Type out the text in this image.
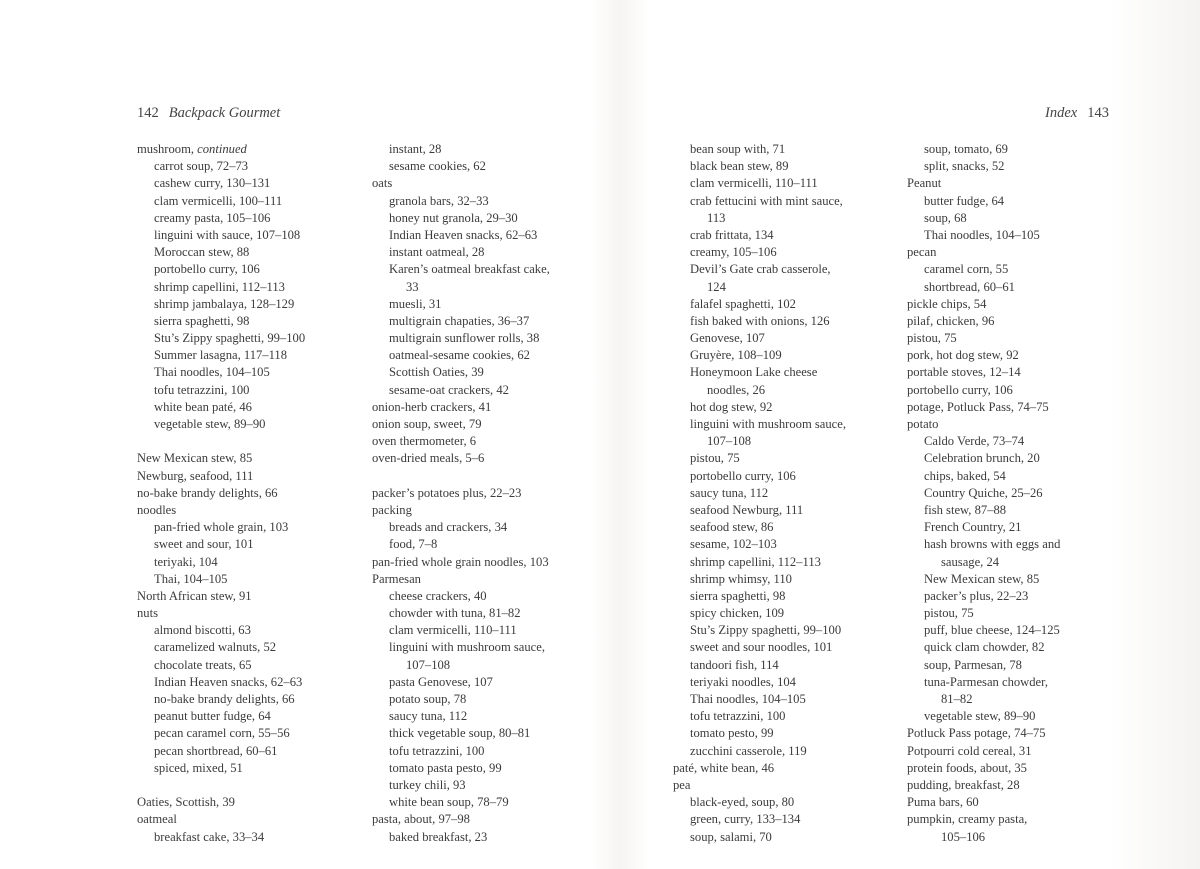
142 Backpack Gourmet	Index 143
mushroom, continued
carrot soup, 72–73
cashew curry, 130–131
clam vermicelli, 100–111
creamy pasta, 105–106
linguini with sauce, 107–108
Moroccan stew, 88
portobello curry, 106
shrimp capellini, 112–113
shrimp jambalaya, 128–129
sierra spaghetti, 98
Stu’s Zippy spaghetti, 99–100
Summer lasagna, 117–118
Thai noodles, 104–105
tofu tetrazzini, 100
white bean paté, 46
vegetable stew, 89–90
New Mexican stew, 85
Newburg, seafood, 111
no-bake brandy delights, 66
noodles
pan-fried whole grain, 103
sweet and sour, 101
teriyaki, 104
Thai, 104–105
North African stew, 91
nuts
almond biscotti, 63
caramelized walnuts, 52
chocolate treats, 65
Indian Heaven snacks, 62–63
no-bake brandy delights, 66
peanut butter fudge, 64
pecan caramel corn, 55–56
pecan shortbread, 60–61
spiced, mixed, 51
Oaties, Scottish, 39
oatmeal
breakfast cake, 33–34
instant, 28
sesame cookies, 62
oats
granola bars, 32–33
honey nut granola, 29–30
Indian Heaven snacks, 62–63
instant oatmeal, 28
Karen’s oatmeal breakfast cake,
33
muesli, 31
multigrain chapaties, 36–37
multigrain sunflower rolls, 38
oatmeal-sesame cookies, 62
Scottish Oaties, 39
sesame-oat crackers, 42
onion-herb crackers, 41
onion soup, sweet, 79
oven thermometer, 6
oven-dried meals, 5–6
packer’s potatoes plus, 22–23
packing
breads and crackers, 34
food, 7–8
pan-fried whole grain noodles, 103
Parmesan
cheese crackers, 40
chowder with tuna, 81–82
clam vermicelli, 110–111
linguini with mushroom sauce,
107–108
pasta Genovese, 107
potato soup, 78
saucy tuna, 112
thick vegetable soup, 80–81
tofu tetrazzini, 100
tomato pasta pesto, 99
turkey chili, 93
white bean soup, 78–79
pasta, about, 97–98
baked breakfast, 23
bean soup with, 71
black bean stew, 89
clam vermicelli, 110–111
crab fettucini with mint sauce,
113
crab frittata, 134
creamy, 105–106
Devil’s Gate crab casserole,
124
falafel spaghetti, 102
fish baked with onions, 126
Genovese, 107
Gruyère, 108–109
Honeymoon Lake cheese
noodles, 26
hot dog stew, 92
linguini with mushroom sauce,
107–108
pistou, 75
portobello curry, 106
saucy tuna, 112
seafood Newburg, 111
seafood stew, 86
sesame, 102–103
shrimp capellini, 112–113
shrimp whimsy, 110
sierra spaghetti, 98
spicy chicken, 109
Stu’s Zippy spaghetti, 99–100
sweet and sour noodles, 101
tandoori fish, 114
teriyaki noodles, 104
Thai noodles, 104–105
tofu tetrazzini, 100
tomato pesto, 99
zucchini casserole, 119
paté, white bean, 46
pea
black-eyed, soup, 80
green, curry, 133–134
soup, salami, 70
soup, tomato, 69
split, snacks, 52
Peanut
butter fudge, 64
soup, 68
Thai noodles, 104–105
pecan
caramel corn, 55
shortbread, 60–61
pickle chips, 54
pilaf, chicken, 96
pistou, 75
pork, hot dog stew, 92
portable stoves, 12–14
portobello curry, 106
potage, Potluck Pass, 74–75
potato
Caldo Verde, 73–74
Celebration brunch, 20
chips, baked, 54
Country Quiche, 25–26
fish stew, 87–88
French Country, 21
hash browns with eggs and
sausage, 24
New Mexican stew, 85
packer’s plus, 22–23
pistou, 75
puff, blue cheese, 124–125
quick clam chowder, 82
soup, Parmesan, 78
tuna-Parmesan chowder,
81–82
vegetable stew, 89–90
Potluck Pass potage, 74–75
Potpourri cold cereal, 31
protein foods, about, 35
pudding, breakfast, 28
Puma bars, 60
pumpkin, creamy pasta,
105–106
